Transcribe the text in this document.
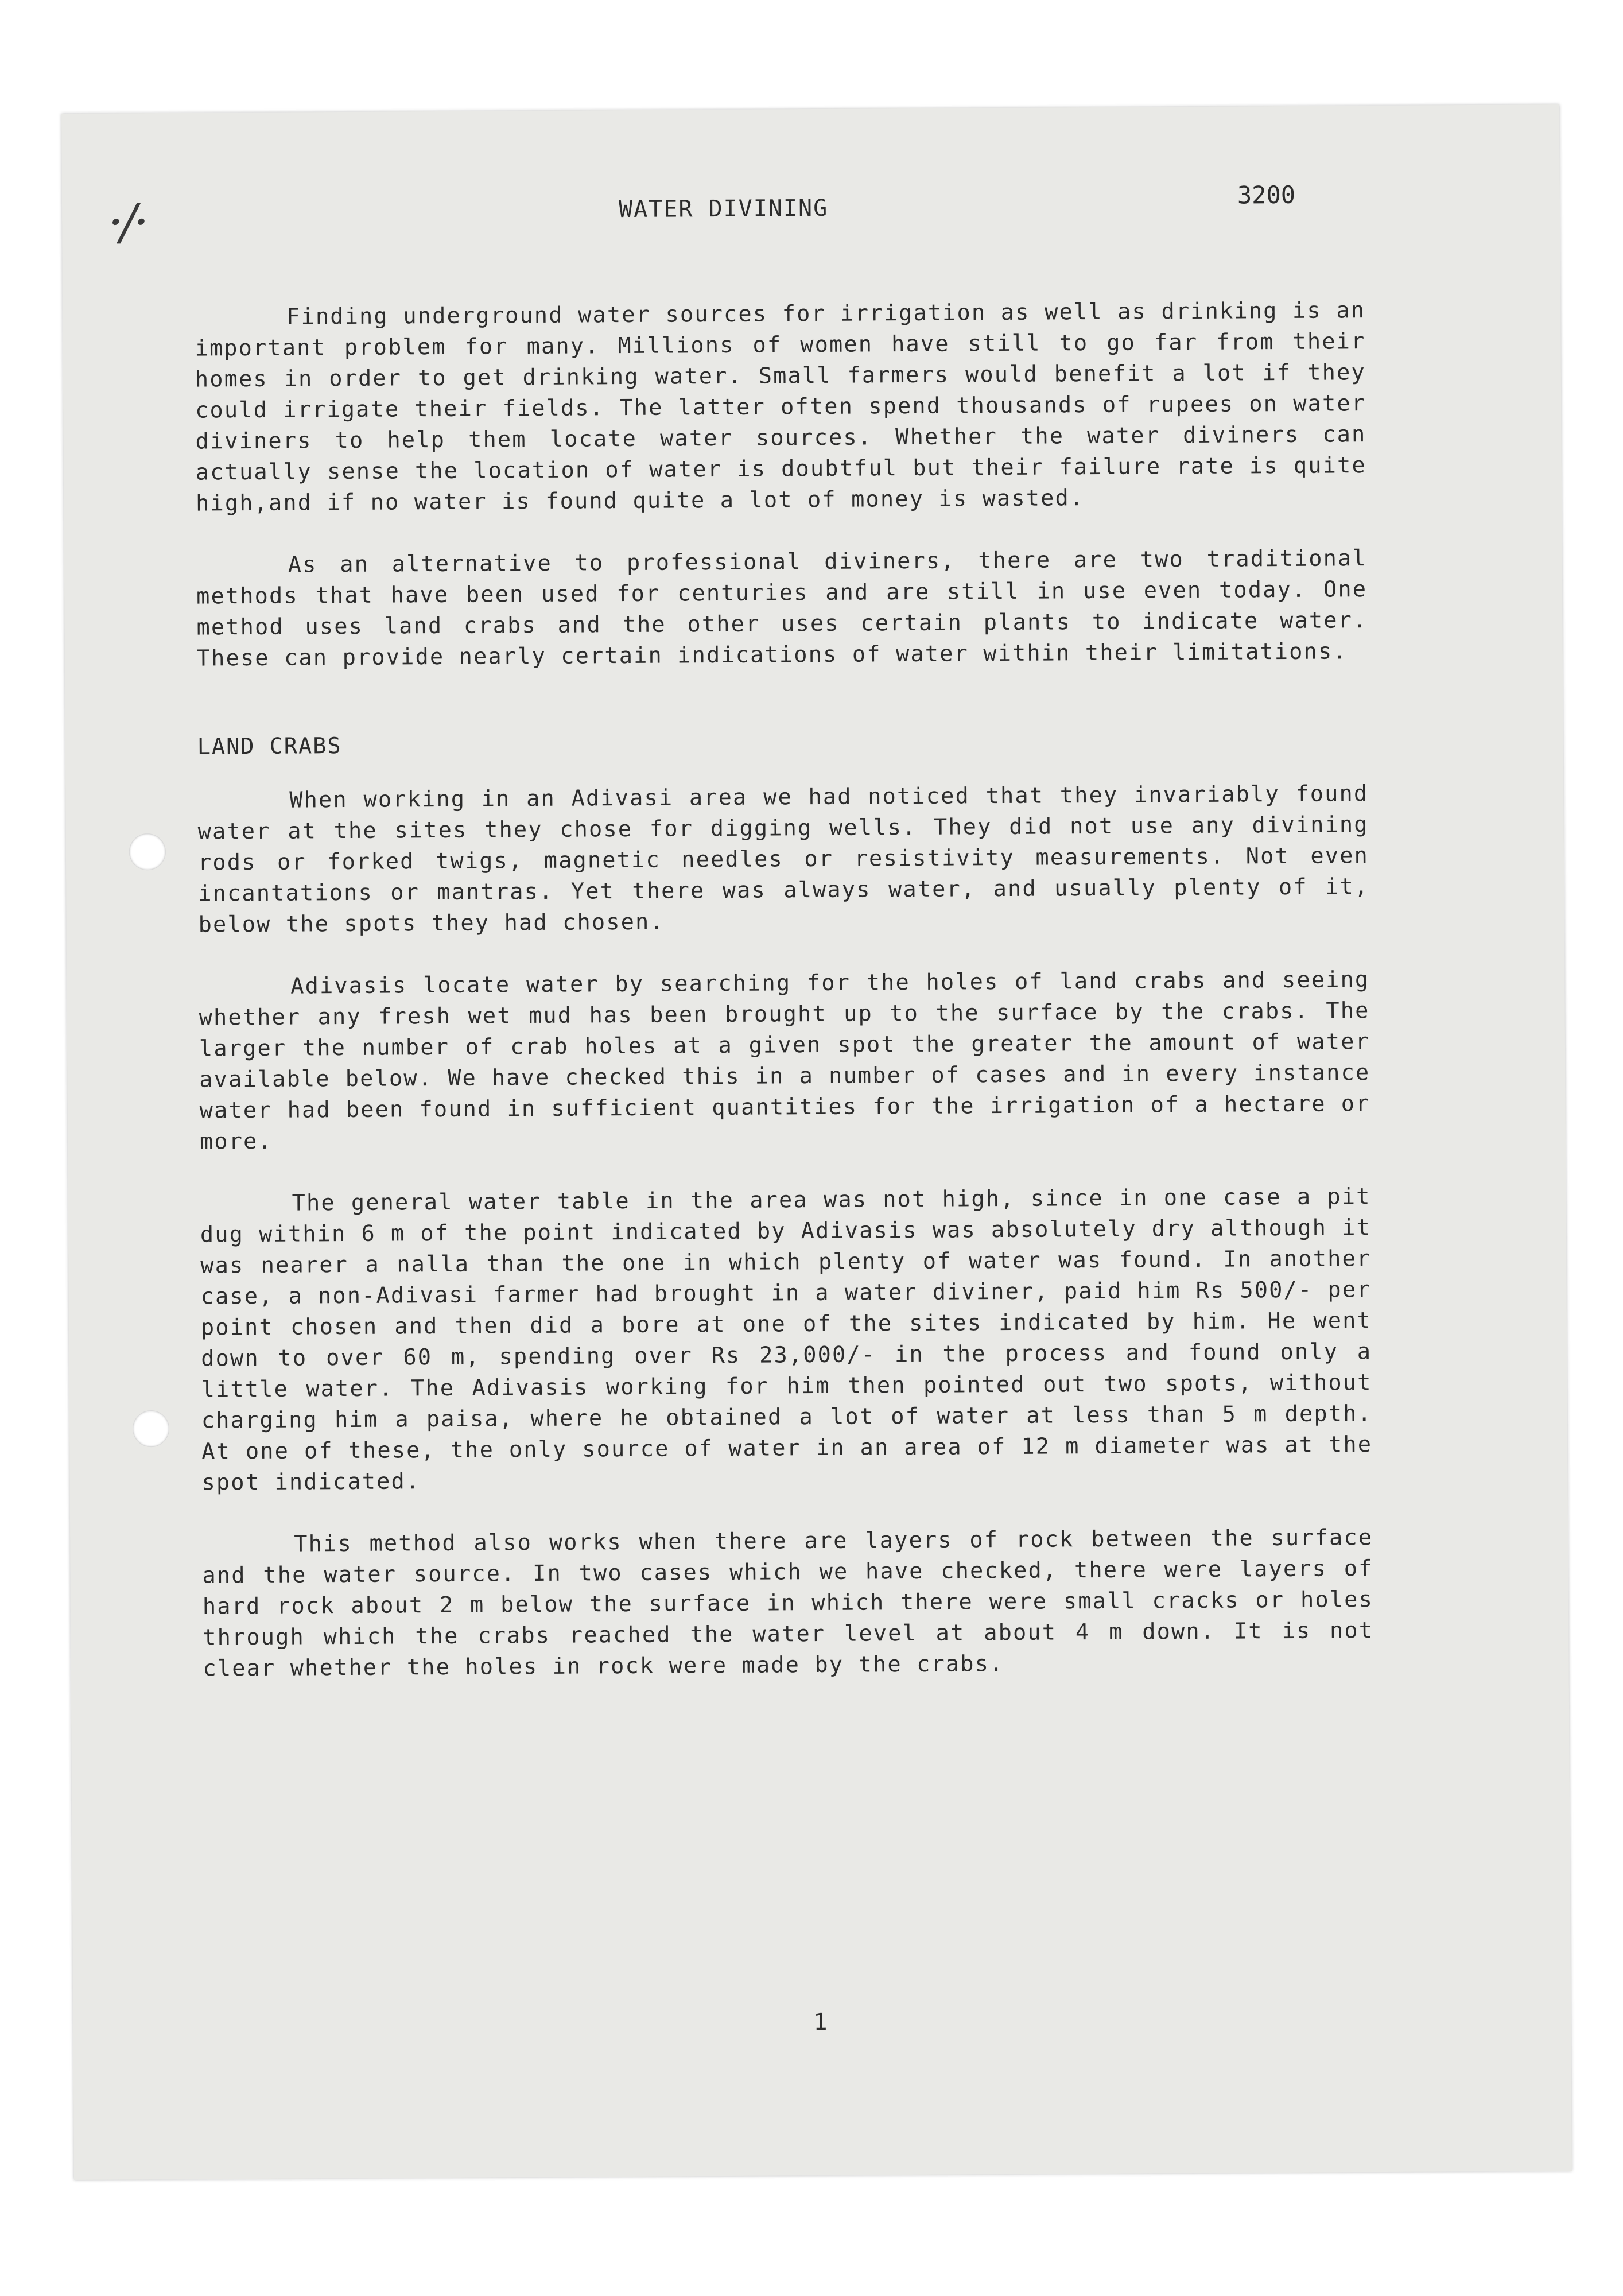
·/·	WATER DIVINING	3200

Finding underground water sources for irrigation as well as drinking is an important problem for many. Millions of women have still to go far from their homes in order to get drinking water. Small farmers would benefit a lot if they could irrigate their fields. The latter often spend thousands of rupees on water diviners to help them locate water sources. Whether the water diviners can actually sense the location of water is doubtful but their failure rate is quite high,and if no water is found quite a lot of money is wasted.

As an alternative to professional diviners, there are two traditional methods that have been used for centuries and are still in use even today. One method uses land crabs and the other uses certain plants to indicate water. These can provide nearly certain indications of water within their limitations.

LAND CRABS

When working in an Adivasi area we had noticed that they invariably found water at the sites they chose for digging wells. They did not use any divining rods or forked twigs, magnetic needles or resistivity measurements. Not even incantations or mantras. Yet there was always water, and usually plenty of it, below the spots they had chosen.

Adivasis locate water by searching for the holes of land crabs and seeing whether any fresh wet mud has been brought up to the surface by the crabs. The larger the number of crab holes at a given spot the greater the amount of water available below. We have checked this in a number of cases and in every instance water had been found in sufficient quantities for the irrigation of a hectare or more.

The general water table in the area was not high, since in one case a pit dug within 6 m of the point indicated by Adivasis was absolutely dry although it was nearer a nalla than the one in which plenty of water was found. In another case, a non-Adivasi farmer had brought in a water diviner, paid him Rs 500/- per point chosen and then did a bore at one of the sites indicated by him. He went down to over 60 m, spending over Rs 23,000/- in the process and found only a little water. The Adivasis working for him then pointed out two spots, without charging him a paisa, where he obtained a lot of water at less than 5 m depth. At one of these, the only source of water in an area of 12 m diameter was at the spot indicated.

This method also works when there are layers of rock between the surface and the water source. In two cases which we have checked, there were layers of hard rock about 2 m below the surface in which there were small cracks or holes through which the crabs reached the water level at about 4 m down. It is not clear whether the holes in rock were made by the crabs.

1
